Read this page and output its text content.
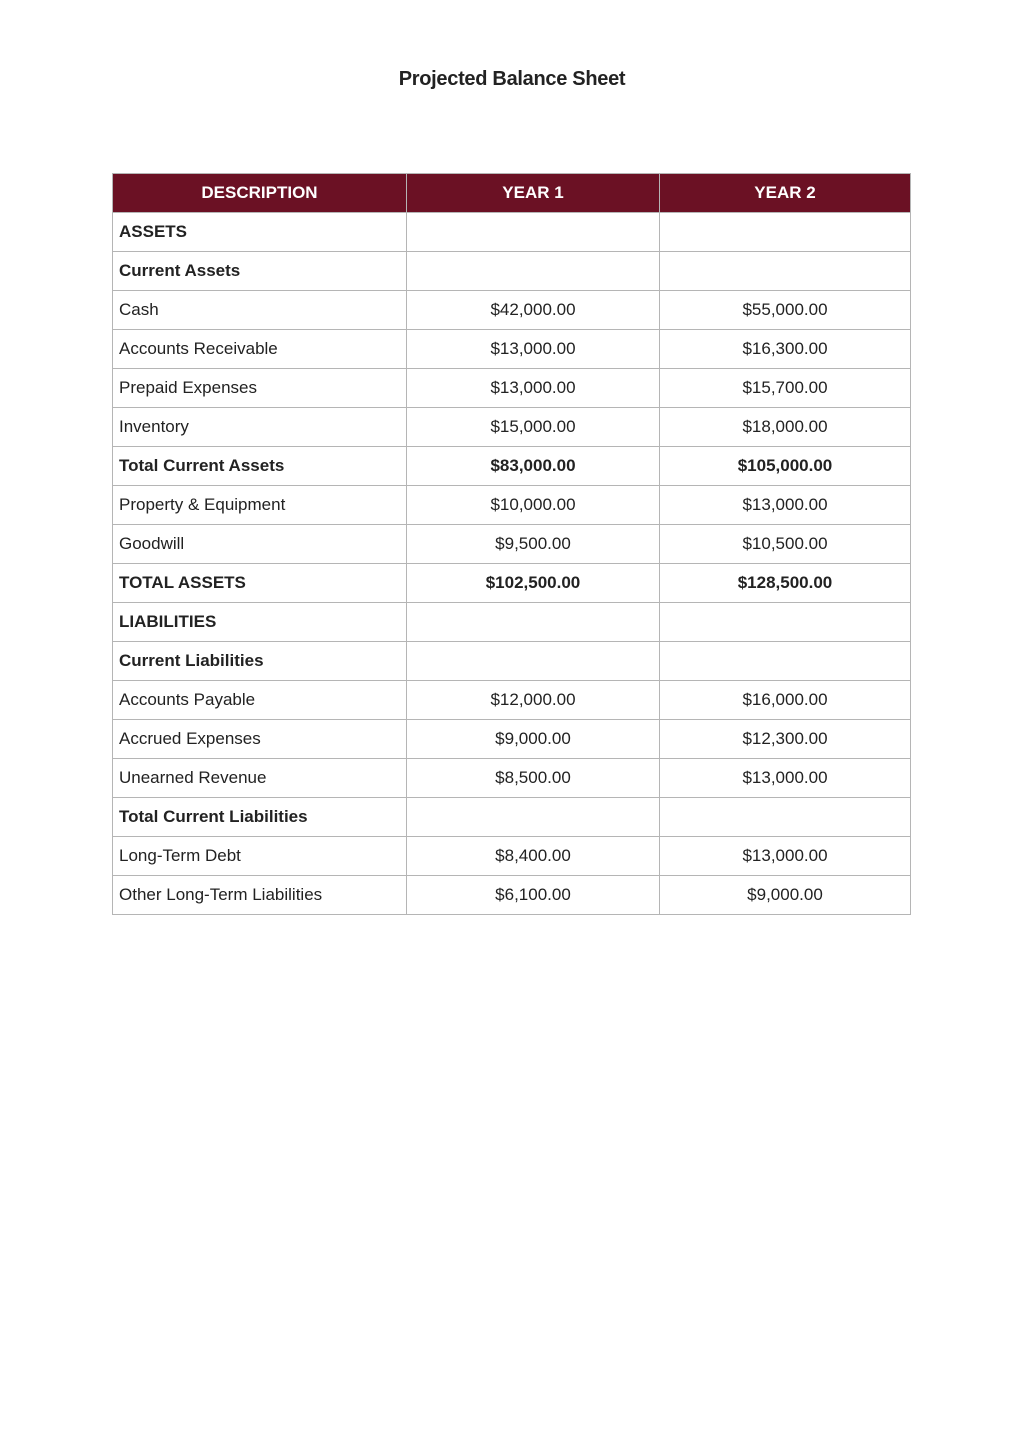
Projected Balance Sheet
DESCRIPTION	YEAR 1	YEAR 2
ASSETS		
Current Assets		
Cash	$42,000.00	$55,000.00
Accounts Receivable	$13,000.00	$16,300.00
Prepaid Expenses	$13,000.00	$15,700.00
Inventory	$15,000.00	$18,000.00
Total Current Assets	$83,000.00	$105,000.00
Property & Equipment	$10,000.00	$13,000.00
Goodwill	$9,500.00	$10,500.00
TOTAL ASSETS	$102,500.00	$128,500.00
LIABILITIES		
Current Liabilities		
Accounts Payable	$12,000.00	$16,000.00
Accrued Expenses	$9,000.00	$12,300.00
Unearned Revenue	$8,500.00	$13,000.00
Total Current Liabilities		
Long-Term Debt	$8,400.00	$13,000.00
Other Long-Term Liabilities	$6,100.00	$9,000.00
